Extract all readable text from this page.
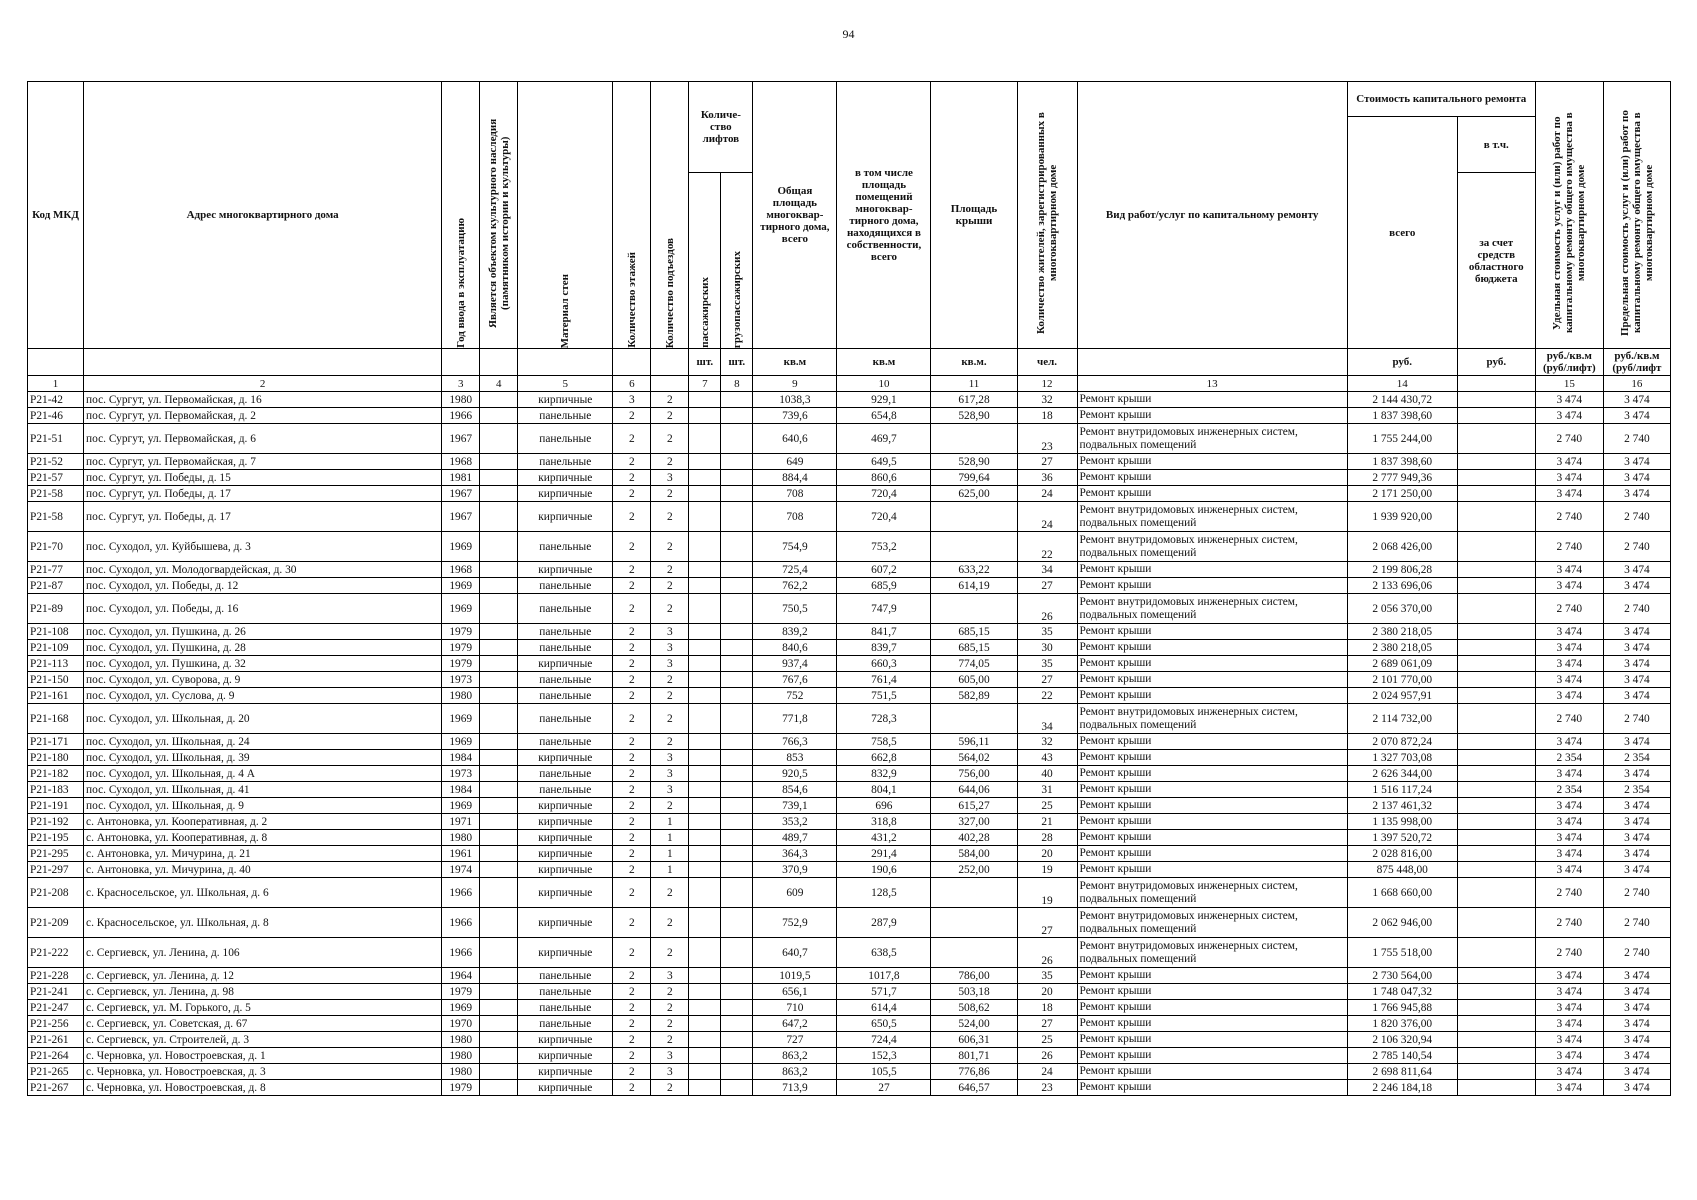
94
Код МКД	Адрес многоквартирного дома	Год ввода в эксплуатацию	Является объектом культурного наследия (памятником истории и культуры)	Материал стен	Количество этажей	Количество подъездов	Количе-ство лифтов		Общая площадь многоквар-тирного дома, всего	в том числе площадь помещений многоквар-тирного дома, находящихся в собственности, всего	Площадь крыши	Количество жителей, зарегистрированных в многоквартирном доме	Вид работ/услуг по капитальному ремонту	Стоимость капитального ремонта		Удельная стоимость услуг и (или) работ по капитальному ремонту общего имущества в многоквартирном доме	Предельная стоимость услуг и (или) работ по капитальному ремонту общего имущества в многоквартирном доме

														всего	в т.ч.		

							пассажирских	грузопассажирских							за счет средств областного бюджета		
							шт.	шт.	кв.м	кв.м	кв.м.	чел.		руб.	руб.	руб./кв.м (руб/лифт)	руб./кв.м (руб/лифт
1	2	3	4	5	6		7	8	9	10	11	12	13	14		15	16
Р21-42	пос. Сургут, ул. Первомайская, д. 16	1980		кирпичные	3	2			1038,3	929,1	617,28	32	Ремонт крыши	2 144 430,72		3 474	3 474
Р21-46	пос. Сургут, ул. Первомайская, д. 2	1966		панельные	2	2			739,6	654,8	528,90	18	Ремонт крыши	1 837 398,60		3 474	3 474
Р21-51	пос. Сургут, ул. Первомайская, д. 6	1967		панельные	2	2			640,6	469,7		23	Ремонт внутридомовых инженерных систем, подвальных помещений	1 755 244,00		2 740	2 740
Р21-52	пос. Сургут, ул. Первомайская, д. 7	1968		панельные	2	2			649	649,5	528,90	27	Ремонт крыши	1 837 398,60		3 474	3 474
Р21-57	пос. Сургут, ул. Победы, д. 15	1981		кирпичные	2	3			884,4	860,6	799,64	36	Ремонт крыши	2 777 949,36		3 474	3 474
Р21-58	пос. Сургут, ул. Победы, д. 17	1967		кирпичные	2	2			708	720,4	625,00	24	Ремонт крыши	2 171 250,00		3 474	3 474
Р21-58	пос. Сургут, ул. Победы, д. 17	1967		кирпичные	2	2			708	720,4		24	Ремонт внутридомовых инженерных систем, подвальных помещений	1 939 920,00		2 740	2 740
Р21-70	пос. Суходол, ул. Куйбышева, д. 3	1969		панельные	2	2			754,9	753,2		22	Ремонт внутридомовых инженерных систем, подвальных помещений	2 068 426,00		2 740	2 740
Р21-77	пос. Суходол, ул. Молодогвардейская, д. 30	1968		кирпичные	2	2			725,4	607,2	633,22	34	Ремонт крыши	2 199 806,28		3 474	3 474
Р21-87	пос. Суходол, ул. Победы, д. 12	1969		панельные	2	2			762,2	685,9	614,19	27	Ремонт крыши	2 133 696,06		3 474	3 474
Р21-89	пос. Суходол, ул. Победы, д. 16	1969		панельные	2	2			750,5	747,9		26	Ремонт внутридомовых инженерных систем, подвальных помещений	2 056 370,00		2 740	2 740
Р21-108	пос. Суходол, ул. Пушкина, д. 26	1979		панельные	2	3			839,2	841,7	685,15	35	Ремонт крыши	2 380 218,05		3 474	3 474
Р21-109	пос. Суходол, ул. Пушкина, д. 28	1979		панельные	2	3			840,6	839,7	685,15	30	Ремонт крыши	2 380 218,05		3 474	3 474
Р21-113	пос. Суходол, ул. Пушкина, д. 32	1979		кирпичные	2	3			937,4	660,3	774,05	35	Ремонт крыши	2 689 061,09		3 474	3 474
Р21-150	пос. Суходол, ул. Суворова, д. 9	1973		панельные	2	2			767,6	761,4	605,00	27	Ремонт крыши	2 101 770,00		3 474	3 474
Р21-161	пос. Суходол, ул. Суслова, д. 9	1980		панельные	2	2			752	751,5	582,89	22	Ремонт крыши	2 024 957,91		3 474	3 474
Р21-168	пос. Суходол, ул. Школьная, д. 20	1969		панельные	2	2			771,8	728,3		34	Ремонт внутридомовых инженерных систем, подвальных помещений	2 114 732,00		2 740	2 740
Р21-171	пос. Суходол, ул. Школьная, д. 24	1969		панельные	2	2			766,3	758,5	596,11	32	Ремонт крыши	2 070 872,24		3 474	3 474
Р21-180	пос. Суходол, ул. Школьная, д. 39	1984		кирпичные	2	3			853	662,8	564,02	43	Ремонт крыши	1 327 703,08		2 354	2 354
Р21-182	пос. Суходол, ул. Школьная, д. 4 А	1973		панельные	2	3			920,5	832,9	756,00	40	Ремонт крыши	2 626 344,00		3 474	3 474
Р21-183	пос. Суходол, ул. Школьная, д. 41	1984		панельные	2	3			854,6	804,1	644,06	31	Ремонт крыши	1 516 117,24		2 354	2 354
Р21-191	пос. Суходол, ул. Школьная, д. 9	1969		кирпичные	2	2			739,1	696	615,27	25	Ремонт крыши	2 137 461,32		3 474	3 474
Р21-192	с. Антоновка, ул. Кооперативная, д. 2	1971		кирпичные	2	1			353,2	318,8	327,00	21	Ремонт крыши	1 135 998,00		3 474	3 474
Р21-195	с. Антоновка, ул. Кооперативная, д. 8	1980		кирпичные	2	1			489,7	431,2	402,28	28	Ремонт крыши	1 397 520,72		3 474	3 474
Р21-295	с. Антоновка, ул. Мичурина, д. 21	1961		кирпичные	2	1			364,3	291,4	584,00	20	Ремонт крыши	2 028 816,00		3 474	3 474
Р21-297	с. Антоновка, ул. Мичурина, д. 40	1974		кирпичные	2	1			370,9	190,6	252,00	19	Ремонт крыши	875 448,00		3 474	3 474
Р21-208	с. Красносельское, ул. Школьная, д. 6	1966		кирпичные	2	2			609	128,5		19	Ремонт внутридомовых инженерных систем, подвальных помещений	1 668 660,00		2 740	2 740
Р21-209	с. Красносельское, ул. Школьная, д. 8	1966		кирпичные	2	2			752,9	287,9		27	Ремонт внутридомовых инженерных систем, подвальных помещений	2 062 946,00		2 740	2 740
Р21-222	с. Сергиевск, ул. Ленина, д. 106	1966		кирпичные	2	2			640,7	638,5		26	Ремонт внутридомовых инженерных систем, подвальных помещений	1 755 518,00		2 740	2 740
Р21-228	с. Сергиевск, ул. Ленина, д. 12	1964		панельные	2	3			1019,5	1017,8	786,00	35	Ремонт крыши	2 730 564,00		3 474	3 474
Р21-241	с. Сергиевск, ул. Ленина, д. 98	1979		панельные	2	2			656,1	571,7	503,18	20	Ремонт крыши	1 748 047,32		3 474	3 474
Р21-247	с. Сергиевск, ул. М. Горького, д. 5	1969		панельные	2	2			710	614,4	508,62	18	Ремонт крыши	1 766 945,88		3 474	3 474
Р21-256	с. Сергиевск, ул. Советская, д. 67	1970		панельные	2	2			647,2	650,5	524,00	27	Ремонт крыши	1 820 376,00		3 474	3 474
Р21-261	с. Сергиевск, ул. Строителей, д. 3	1980		кирпичные	2	2			727	724,4	606,31	25	Ремонт крыши	2 106 320,94		3 474	3 474
Р21-264	с. Черновка, ул. Новостроевская, д. 1	1980		кирпичные	2	3			863,2	152,3	801,71	26	Ремонт крыши	2 785 140,54		3 474	3 474
Р21-265	с. Черновка, ул. Новостроевская, д. 3	1980		кирпичные	2	3			863,2	105,5	776,86	24	Ремонт крыши	2 698 811,64		3 474	3 474
Р21-267	с. Черновка, ул. Новостроевская, д. 8	1979		кирпичные	2	2			713,9	27	646,57	23	Ремонт крыши	2 246 184,18		3 474	3 474
